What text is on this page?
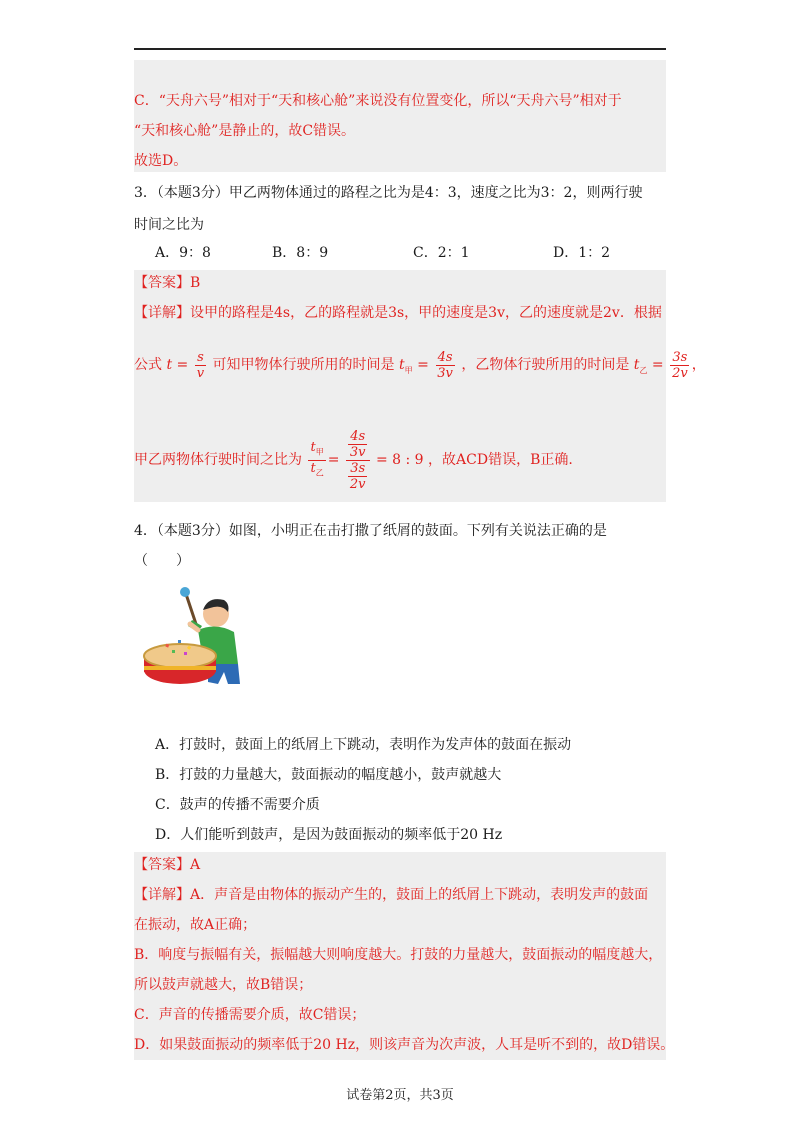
C．“天舟六号”相对于“天和核心舱”来说没有位置变化，所以“天舟六号”相对于
“天和核心舱”是静止的，故C错误。
故选D。
3．（本题3分）甲乙两物体通过的路程之比为是4：3，速度之比为3：2，则两行驶
时间之比为
A．9：8	B．8：9	C．2：1	D．1：2
【答案】B
【详解】设甲的路程是4s，乙的路程就是3s，甲的速度是3v，乙的速度就是2v．根据
公式 $t = \frac{s}{v}$ 可知甲物体行驶所用的时间是 $t_甲 = \frac{4s}{3v}$ ，乙物体行驶所用的时间是 $t_乙 = \frac{3s}{2v}$ ，
甲乙两物体行驶时间之比为 $\frac{t_甲}{t_乙} = \frac{\frac{4s}{3v}}{\frac{3s}{2v}} = 8$ : 9 ，故ACD错误，B正确.
4．（本题3分）如图，小明正在击打撒了纸屑的鼓面。下列有关说法正确的是
（　　）
A．打鼓时，鼓面上的纸屑上下跳动，表明作为发声体的鼓面在振动
B．打鼓的力量越大，鼓面振动的幅度越小，鼓声就越大
C．鼓声的传播不需要介质
D．人们能听到鼓声，是因为鼓面振动的频率低于20 Hz
【答案】A
【详解】A．声音是由物体的振动产生的，鼓面上的纸屑上下跳动，表明发声的鼓面
在振动，故A正确；
B．响度与振幅有关，振幅越大则响度越大。打鼓的力量越大，鼓面振动的幅度越大，
所以鼓声就越大，故B错误；
C．声音的传播需要介质，故C错误；
D．如果鼓面振动的频率低于20 Hz，则该声音为次声波，人耳是听不到的，故D错误。
试卷第2页，共3页
